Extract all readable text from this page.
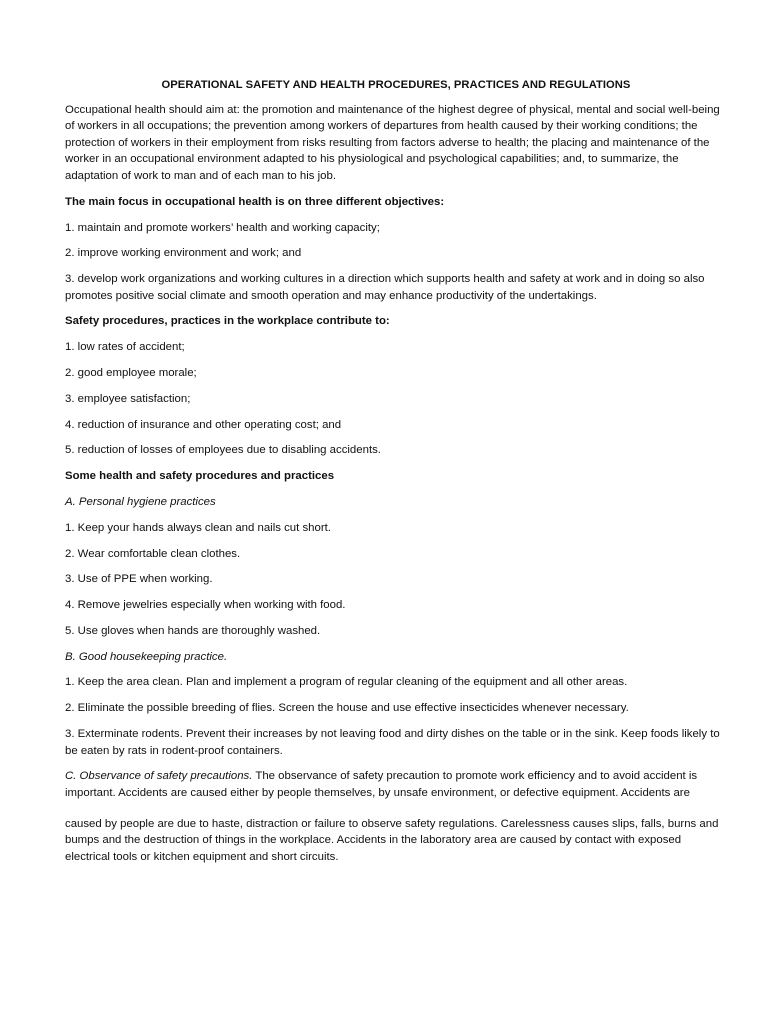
OPERATIONAL SAFETY AND HEALTH PROCEDURES, PRACTICES AND REGULATIONS

Occupational health should aim at: the promotion and maintenance of the highest degree of physical, mental and social well-being of workers in all occupations; the prevention among workers of departures from health caused by their working conditions; the protection of workers in their employment from risks resulting from factors adverse to health; the placing and maintenance of the worker in an occupational environment adapted to his physiological and psychological capabilities; and, to summarize, the adaptation of work to man and of each man to his job.

The main focus in occupational health is on three different objectives:

1. maintain and promote workers’ health and working capacity;

2. improve working environment and work; and

3. develop work organizations and working cultures in a direction which supports health and safety at work and in doing so also promotes positive social climate and smooth operation and may enhance productivity of the undertakings.

Safety procedures, practices in the workplace contribute to:

1. low rates of accident;

2. good employee morale;

3. employee satisfaction;

4. reduction of insurance and other operating cost; and

5. reduction of losses of employees due to disabling accidents.

Some health and safety procedures and practices

A. Personal hygiene practices

1. Keep your hands always clean and nails cut short.

2. Wear comfortable clean clothes.

3. Use of PPE when working.

4. Remove jewelries especially when working with food.

5. Use gloves when hands are thoroughly washed.

B. Good housekeeping practice.

1. Keep the area clean. Plan and implement a program of regular cleaning of the equipment and all other areas.

2. Eliminate the possible breeding of flies. Screen the house and use effective insecticides whenever necessary.

3. Exterminate rodents. Prevent their increases by not leaving food and dirty dishes on the table or in the sink. Keep foods likely to be eaten by rats in rodent-proof containers.

C. Observance of safety precautions. The observance of safety precaution to promote work efficiency and to avoid accident is important. Accidents are caused either by people themselves, by unsafe environment, or defective equipment. Accidents are

caused by people are due to haste, distraction or failure to observe safety regulations. Carelessness causes slips, falls, burns and bumps and the destruction of things in the workplace. Accidents in the laboratory area are caused by contact with exposed electrical tools or kitchen equipment and short circuits.
